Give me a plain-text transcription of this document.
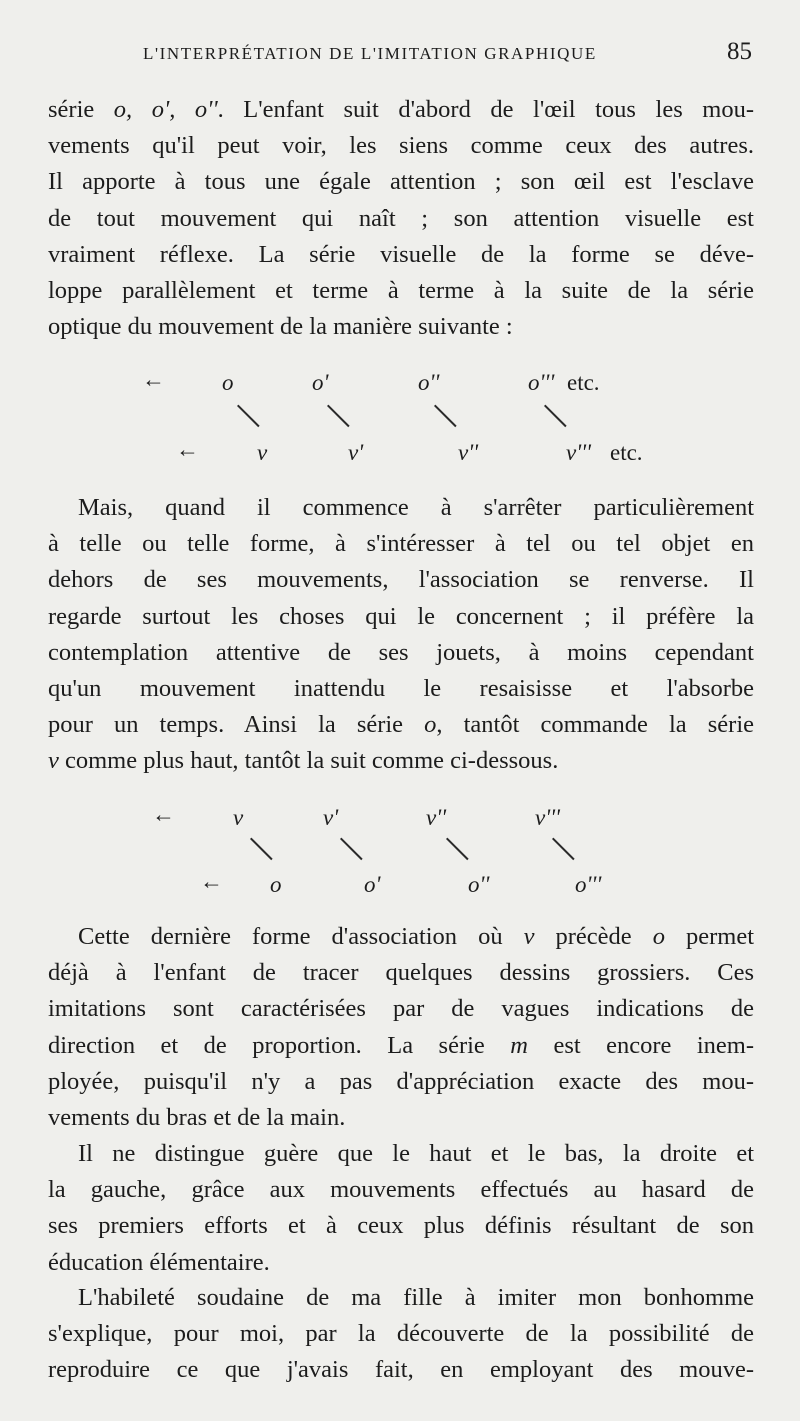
L'INTERPRÉTATION DE L'IMITATION GRAPHIQUE	85
série o, o', o''. L'enfant suit d'abord de l'œil tous les mou-
vements qu'il peut voir, les siens comme ceux des autres.
Il apporte à tous une égale attention ; son œil est l'esclave
de tout mouvement qui naît ; son attention visuelle est
vraiment réflexe. La série visuelle de la forme se déve-
loppe parallèlement et terme à terme à la suite de la série
optique du mouvement de la manière suivante :
← o	o'	o''	o''' etc.
←	v	v'	v''	v''' etc.
Mais, quand il commence à s'arrêter particulièrement
à telle ou telle forme, à s'intéresser à tel ou tel objet en
dehors de ses mouvements, l'association se renverse. Il
regarde surtout les choses qui le concernent ; il préfère la
contemplation attentive de ses jouets, à moins cependant
qu'un mouvement inattendu le resaisisse et l'absorbe
pour un temps. Ainsi la série o, tantôt commande la série
v comme plus haut, tantôt la suit comme ci-dessous.
←	v	v'	v''	v'''
← o	o'	o''	o'''
Cette dernière forme d'association où v précède o permet
déjà à l'enfant de tracer quelques dessins grossiers. Ces
imitations sont caractérisées par de vagues indications de
direction et de proportion. La série m est encore inem-
ployée, puisqu'il n'y a pas d'appréciation exacte des mou-
vements du bras et de la main.
Il ne distingue guère que le haut et le bas, la droite et
la gauche, grâce aux mouvements effectués au hasard de
ses premiers efforts et à ceux plus définis résultant de son
éducation élémentaire.
L'habileté soudaine de ma fille à imiter mon bonhomme
s'explique, pour moi, par la découverte de la possibilité de
reproduire ce que j'avais fait, en employant des mouve-
